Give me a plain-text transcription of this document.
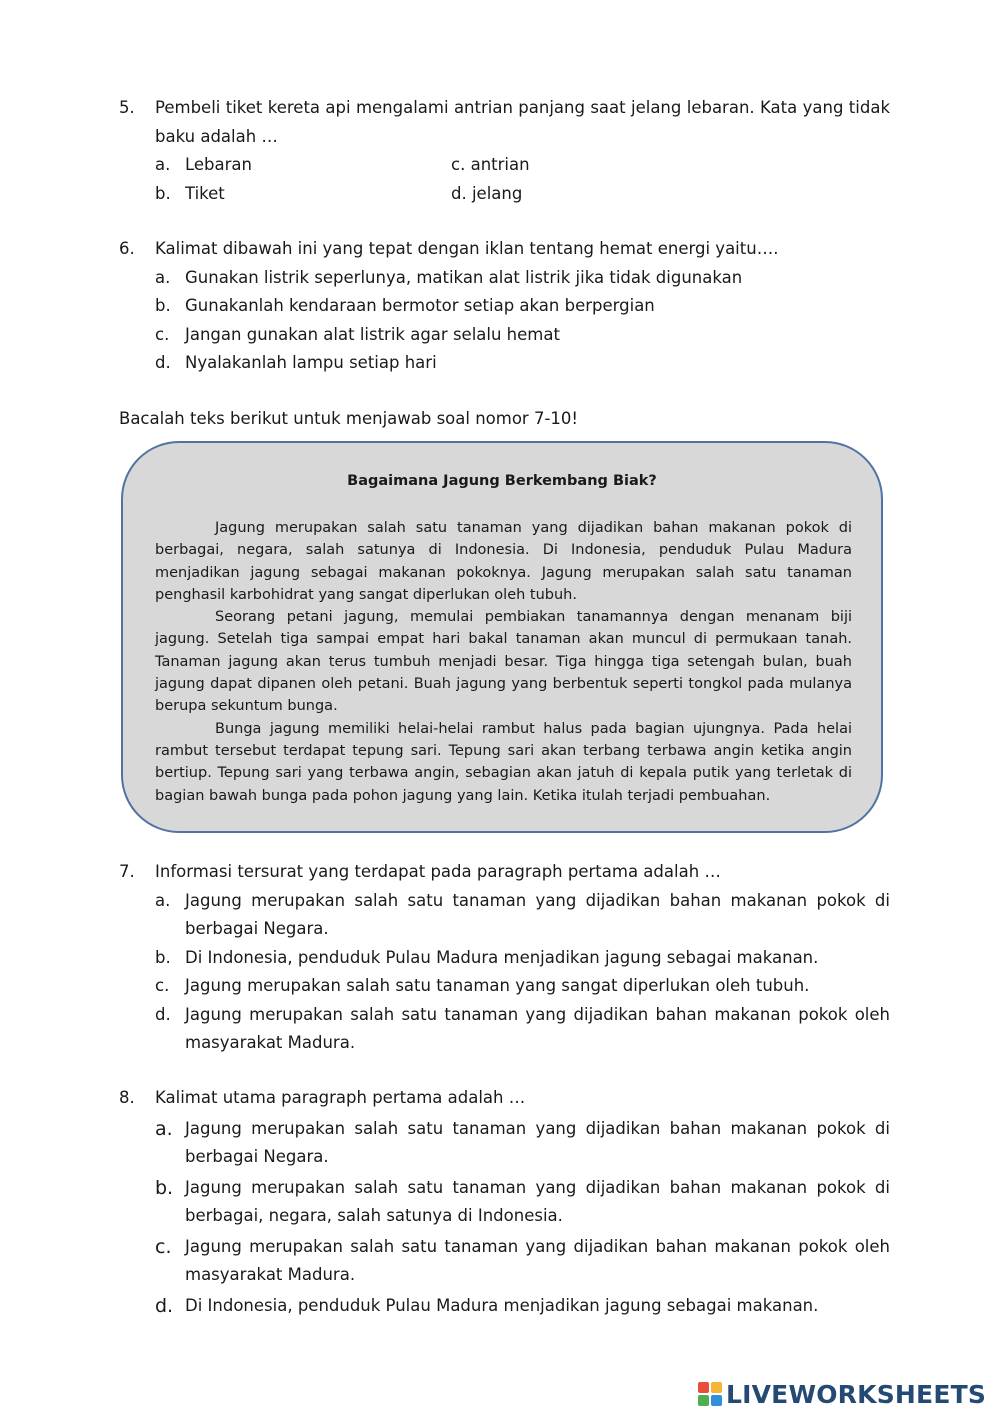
5. Pembeli tiket kereta api mengalami antrian panjang saat jelang lebaran. Kata yang tidak baku adalah …
a. Lebaran
b. Tiket
c. antrian
d. jelang
6. Kalimat dibawah ini yang tepat dengan iklan tentang hemat energi yaitu….
a. Gunakan listrik seperlunya, matikan alat listrik jika tidak digunakan
b. Gunakanlah kendaraan bermotor setiap akan berpergian
c. Jangan gunakan alat listrik agar selalu hemat
d. Nyalakanlah lampu setiap hari
Bacalah teks berikut untuk menjawab soal nomor 7-10!
Bagaimana Jagung Berkembang Biak?

Jagung merupakan salah satu tanaman yang dijadikan bahan makanan pokok di berbagai, negara, salah satunya di Indonesia. Di Indonesia, penduduk Pulau Madura menjadikan jagung sebagai makanan pokoknya. Jagung merupakan salah satu tanaman penghasil karbohidrat yang sangat diperlukan oleh tubuh.

Seorang petani jagung, memulai pembiakan tanamannya dengan menanam biji jagung. Setelah tiga sampai empat hari bakal tanaman akan muncul di permukaan tanah. Tanaman jagung akan terus tumbuh menjadi besar. Tiga hingga tiga setengah bulan, buah jagung dapat dipanen oleh petani. Buah jagung yang berbentuk seperti tongkol pada mulanya berupa sekuntum bunga.

Bunga jagung memiliki helai-helai rambut halus pada bagian ujungnya. Pada helai rambut tersebut terdapat tepung sari. Tepung sari akan terbang terbawa angin ketika angin bertiup. Tepung sari yang terbawa angin, sebagian akan jatuh di kepala putik yang terletak di bagian bawah bunga pada pohon jagung yang lain. Ketika itulah terjadi pembuahan.

7. Informasi tersurat yang terdapat pada paragraph pertama adalah …
a. Jagung merupakan salah satu tanaman yang dijadikan bahan makanan pokok di berbagai Negara.
b. Di Indonesia, penduduk Pulau Madura menjadikan jagung sebagai makanan.
c. Jagung merupakan salah satu tanaman yang sangat diperlukan oleh tubuh.
d. Jagung merupakan salah satu tanaman yang dijadikan bahan makanan pokok oleh masyarakat Madura.
8. Kalimat utama paragraph pertama adalah …
a. Jagung merupakan salah satu tanaman yang dijadikan bahan makanan pokok di berbagai Negara.
b. Jagung merupakan salah satu tanaman yang dijadikan bahan makanan pokok di berbagai, negara, salah satunya di Indonesia.
c. Jagung merupakan salah satu tanaman yang dijadikan bahan makanan pokok oleh masyarakat Madura.
d. Di Indonesia, penduduk Pulau Madura menjadikan jagung sebagai makanan.
LIVEWORKSHEETS
